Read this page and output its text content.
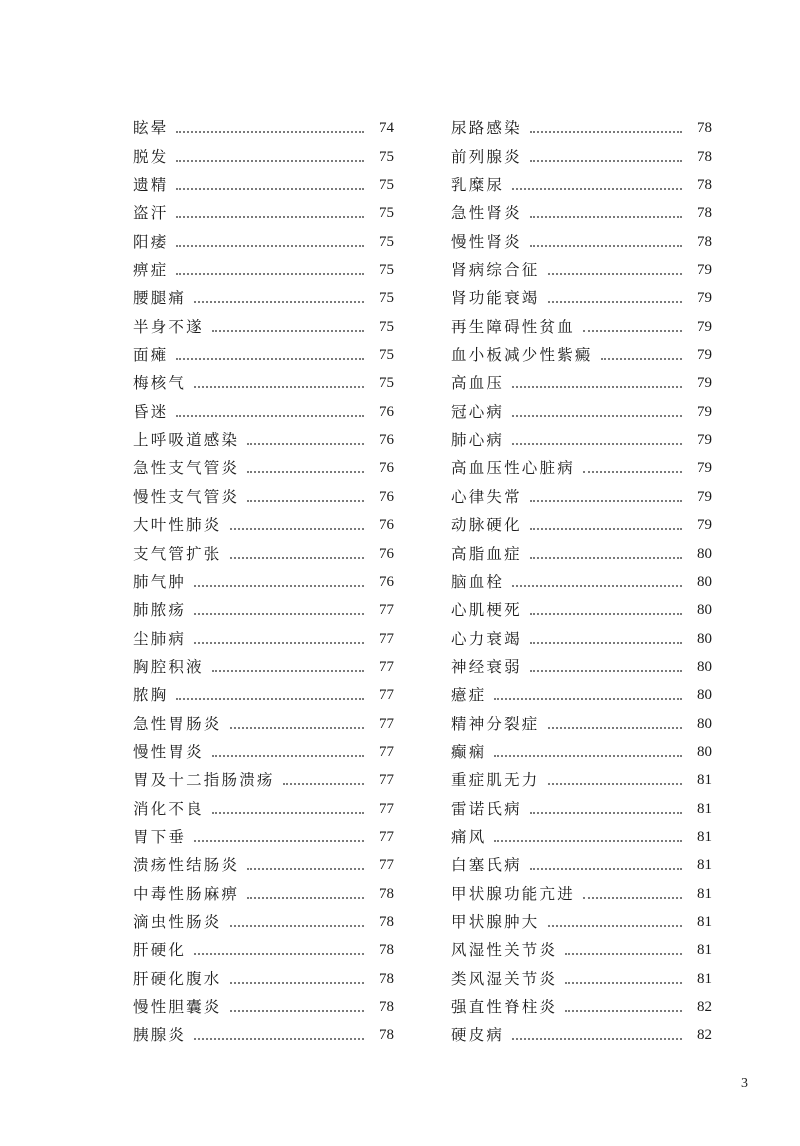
眩晕	74
脱发	75
遗精	75
盗汗	75
阳痿	75
痹症	75
腰腿痛	75
半身不遂	75
面瘫	75
梅核气	75
昏迷	76
上呼吸道感染	76
急性支气管炎	76
慢性支气管炎	76
大叶性肺炎	76
支气管扩张	76
肺气肿	76
肺脓疡	77
尘肺病	77
胸腔积液	77
脓胸	77
急性胃肠炎	77
慢性胃炎	77
胃及十二指肠溃疡	77
消化不良	77
胃下垂	77
溃疡性结肠炎	77
中毒性肠麻痹	78
滴虫性肠炎	78
肝硬化	78
肝硬化腹水	78
慢性胆囊炎	78
胰腺炎	78
尿路感染	78
前列腺炎	78
乳糜尿	78
急性肾炎	78
慢性肾炎	78
肾病综合征	79
肾功能衰竭	79
再生障碍性贫血	79
血小板减少性紫癜	79
高血压	79
冠心病	79
肺心病	79
高血压性心脏病	79
心律失常	79
动脉硬化	79
高脂血症	80
脑血栓	80
心肌梗死	80
心力衰竭	80
神经衰弱	80
癔症	80
精神分裂症	80
癫痫	80
重症肌无力	81
雷诺氏病	81
痛风	81
白塞氏病	81
甲状腺功能亢进	81
甲状腺肿大	81
风湿性关节炎	81
类风湿关节炎	81
强直性脊柱炎	82
硬皮病	82
3
